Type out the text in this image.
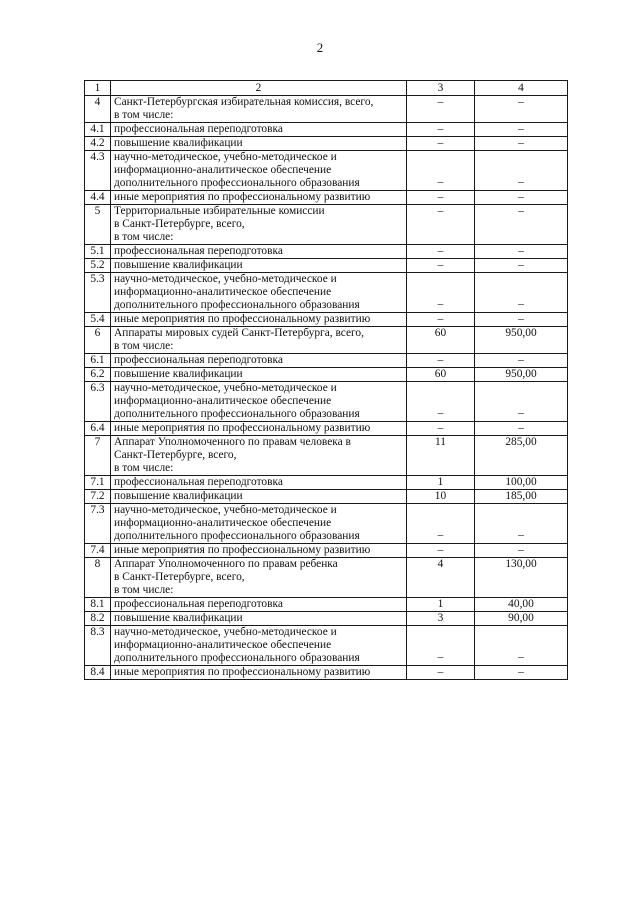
2
1	2	3	4
4	Санкт-Петербургская избирательная комиссия, всего,
в том числе:	–	–
4.1	профессиональная переподготовка	–	–
4.2	повышение квалификации	–	–
4.3	научно-методическое, учебно-методическое и
информационно-аналитическое обеспечение
дополнительного профессионального образования	–	–
4.4	иные мероприятия по профессиональному развитию	–	–
5	Территориальные избирательные комиссии
в Санкт-Петербурге, всего,
в том числе:	–	–
5.1	профессиональная переподготовка	–	–
5.2	повышение квалификации	–	–
5.3	научно-методическое, учебно-методическое и
информационно-аналитическое обеспечение
дополнительного профессионального образования	–	–
5.4	иные мероприятия по профессиональному развитию	–	–
6	Аппараты мировых судей Санкт-Петербурга, всего,
в том числе:	60	950,00
6.1	профессиональная переподготовка	–	–
6.2	повышение квалификации	60	950,00
6.3	научно-методическое, учебно-методическое и
информационно-аналитическое обеспечение
дополнительного профессионального образования	–	–
6.4	иные мероприятия по профессиональному развитию	–	–
7	Аппарат Уполномоченного по правам человека в
Санкт-Петербурге, всего,
в том числе:	11	285,00
7.1	профессиональная переподготовка	1	100,00
7.2	повышение квалификации	10	185,00
7.3	научно-методическое, учебно-методическое и
информационно-аналитическое обеспечение
дополнительного профессионального образования	–	–
7.4	иные мероприятия по профессиональному развитию	–	–
8	Аппарат Уполномоченного по правам ребенка
в Санкт-Петербурге, всего,
в том числе:	4	130,00
8.1	профессиональная переподготовка	1	40,00
8.2	повышение квалификации	3	90,00
8.3	научно-методическое, учебно-методическое и
информационно-аналитическое обеспечение
дополнительного профессионального образования	–	–
8.4	иные мероприятия по профессиональному развитию	–	–
